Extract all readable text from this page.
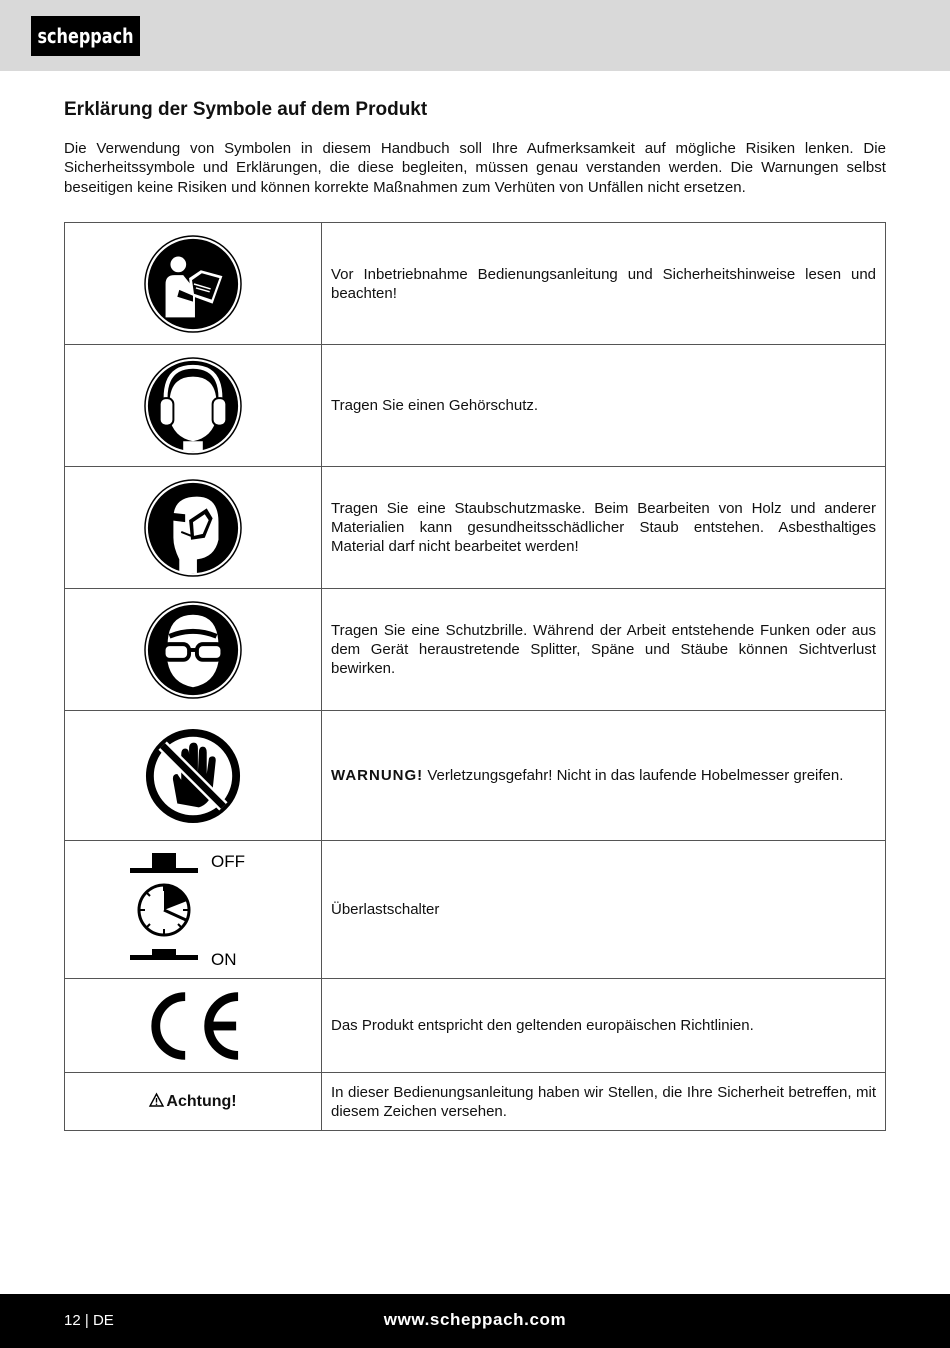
scheppach
Erklärung der Symbole auf dem Produkt

Die Verwendung von Symbolen in diesem Handbuch soll Ihre Aufmerksamkeit auf mögliche Risiken lenken. Die Sicherheitssymbole und Erklärungen, die diese begleiten, müssen genau verstanden werden. Die Warnungen selbst beseitigen keine Risiken und können korrekte Maßnahmen zum Verhüten von Unfällen nicht ersetzen.

	Vor Inbetriebnahme Bedienungsanleitung und Sicherheitshinweise lesen und beachten!

	Tragen Sie einen Gehörschutz.

	Tragen Sie eine Staubschutzmaske. Beim Bearbeiten von Holz und anderer Materialien kann gesundheitsschädlicher Staub entstehen. Asbesthaltiges Material darf nicht bearbeitet werden!

	Tragen Sie eine Schutzbrille. Während der Arbeit entstehende Funken oder aus dem Gerät heraustretende Splitter, Späne und Stäube können Sichtverlust bewirken.

	WARNUNG! Verletzungsgefahr! Nicht in das laufende Hobelmesser greifen.

OFF
ON	Überlastschalter

	Das Produkt entspricht den geltenden europäischen Richtlinien.
Achtung!	In dieser Bedienungsanleitung haben wir Stellen, die Ihre Sicherheit betreffen, mit diesem Zeichen versehen.
12 | DE	www.scheppach.com
